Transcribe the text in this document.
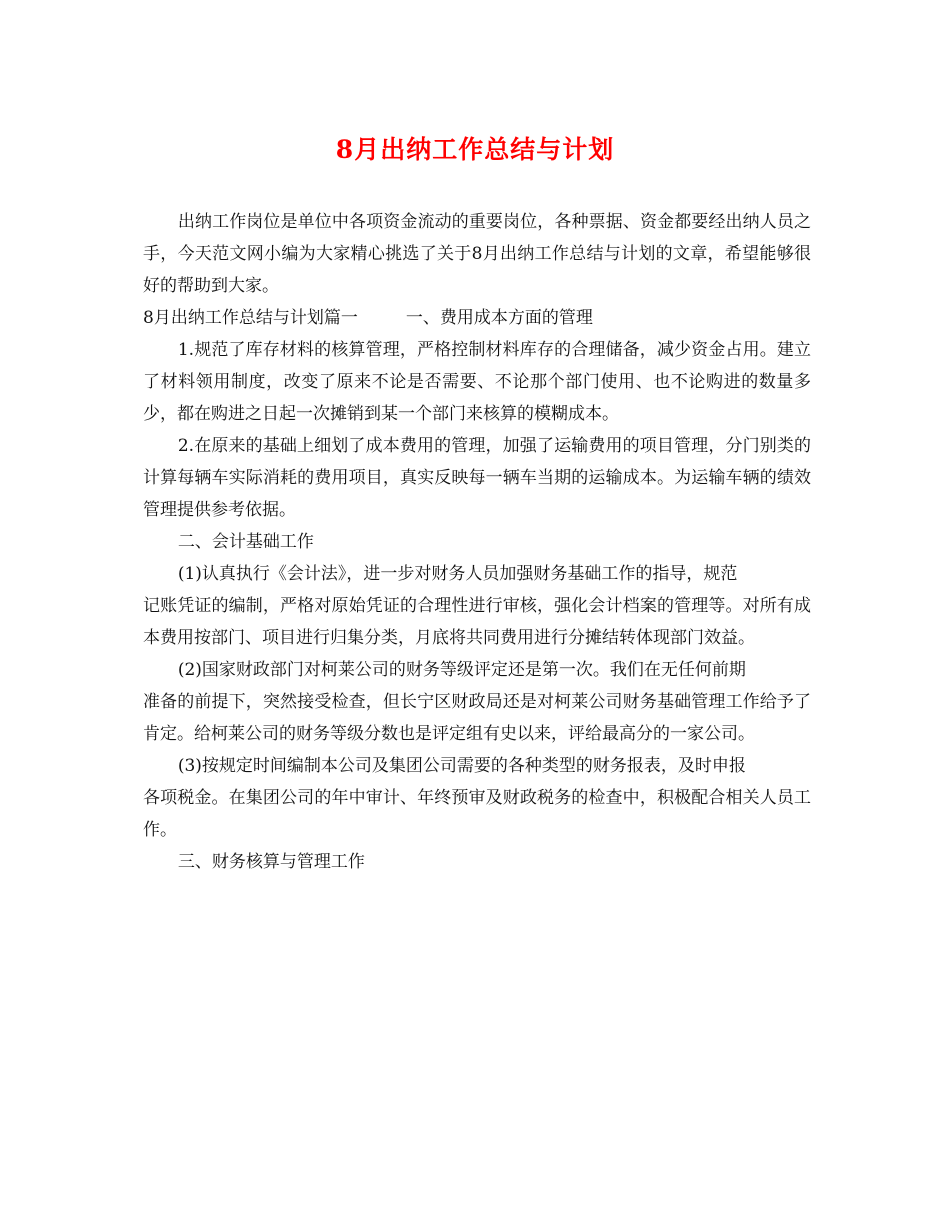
8月出纳工作总结与计划

出纳工作岗位是单位中各项资金流动的重要岗位，各种票据、资金都要经出纳人员之手，今天范文网小编为大家精心挑选了关于8月出纳工作总结与计划的文章，希望能够很好的帮助到大家。

8月出纳工作总结与计划篇一	一、费用成本方面的管理

1.规范了库存材料的核算管理，严格控制材料库存的合理储备，减少资金占用。建立了材料领用制度，改变了原来不论是否需要、不论那个部门使用、也不论购进的数量多少，都在购进之日起一次摊销到某一个部门来核算的模糊成本。

2.在原来的基础上细划了成本费用的管理，加强了运输费用的项目管理，分门别类的计算每辆车实际消耗的费用项目，真实反映每一辆车当期的运输成本。为运输车辆的绩效管理提供参考依据。

二、会计基础工作

(1)认真执行《会计法》，进一步对财务人员加强财务基础工作的指导，规范
记账凭证的编制，严格对原始凭证的合理性进行审核，强化会计档案的管理等。对所有成本费用按部门、项目进行归集分类，月底将共同费用进行分摊结转体现部门效益。

(2)国家财政部门对柯莱公司的财务等级评定还是第一次。我们在无任何前期
准备的前提下，突然接受检查，但长宁区财政局还是对柯莱公司财务基础管理工作给予了肯定。给柯莱公司的财务等级分数也是评定组有史以来，评给最高分的一家公司。

(3)按规定时间编制本公司及集团公司需要的各种类型的财务报表，及时申报
各项税金。在集团公司的年中审计、年终预审及财政税务的检查中，积极配合相关人员工作。

三、财务核算与管理工作
